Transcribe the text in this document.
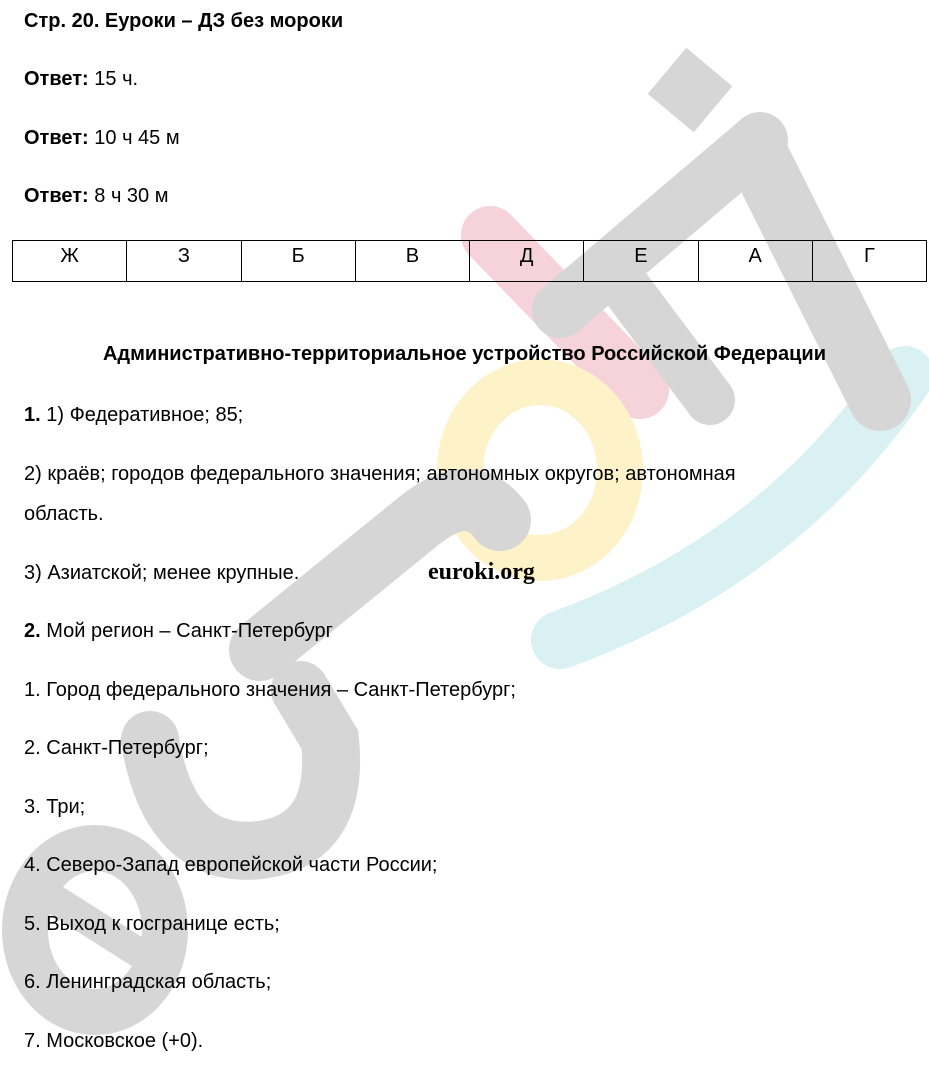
Стр. 20. Еуроки – ДЗ без мороки
Ответ: 15 ч.
Ответ: 10 ч 45 м
Ответ: 8 ч 30 м
Ж	З	Б	В	Д	Е	А	Г
Административно-территориальное устройство Российской Федерации
1. 1) Федеративное; 85;
2) краёв; городов федерального значения; автономных округов; автономная
область.
3) Азиатской; менее крупные.	euroki.org
2. Мой регион – Санкт-Петербург
1. Город федерального значения – Санкт-Петербург;
2. Санкт-Петербург;
3. Три;
4. Северо-Запад европейской части России;
5. Выход к госгранице есть;
6. Ленинградская область;
7. Московское (+0).
